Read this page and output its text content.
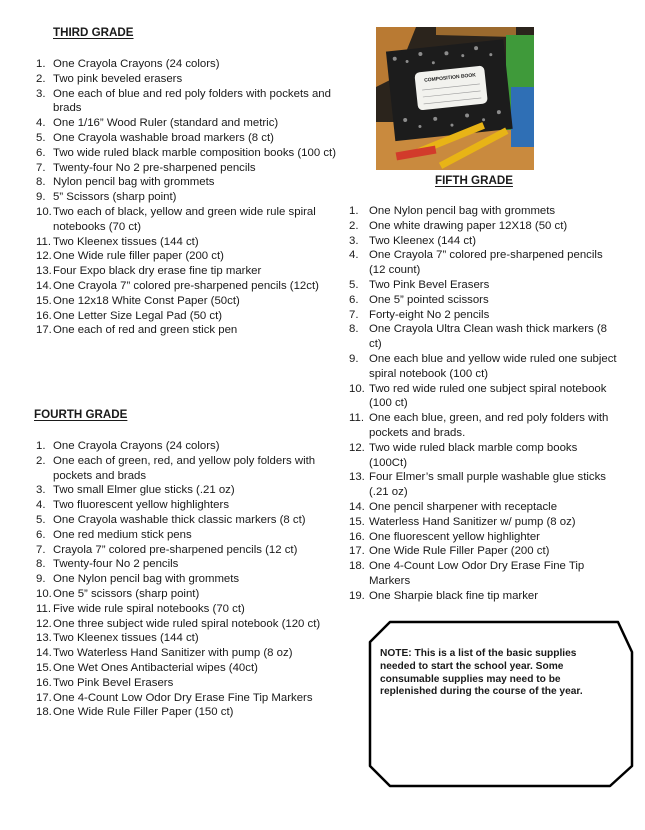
THIRD GRADE
1. One Crayola Crayons (24 colors)
2. Two pink beveled erasers
3. One each of blue and red poly folders with pockets and brads
4. One 1/16” Wood Ruler (standard and metric)
5. One Crayola washable broad markers (8 ct)
6. Two wide ruled black marble composition books (100 ct)
7. Twenty-four No 2 pre-sharpened pencils
8. Nylon pencil bag with grommets
9. 5” Scissors (sharp point)
10. Two each of black, yellow and green wide rule spiral notebooks (70 ct)
11. Two Kleenex tissues (144 ct)
12. One Wide rule filler paper (200 ct)
13. Four Expo black dry erase fine tip marker
14. One Crayola 7” colored pre-sharpened pencils (12ct)
15. One 12x18 White Const Paper (50ct)
16. One Letter Size Legal Pad (50 ct)
17. One each of red and green stick pen
FOURTH GRADE
1. One Crayola Crayons (24 colors)
2. One each of green, red, and yellow poly folders with pockets and brads
3. Two small Elmer glue sticks (.21 oz)
4. Two fluorescent yellow highlighters
5. One Crayola washable thick classic markers (8 ct)
6. One red medium stick pens
7. Crayola 7” colored pre-sharpened pencils (12 ct)
8. Twenty-four No 2 pencils
9. One Nylon pencil bag with grommets
10. One 5” scissors (sharp point)
11. Five wide rule spiral notebooks (70 ct)
12. One three subject wide ruled spiral notebook (120 ct)
13. Two Kleenex tissues (144 ct)
14. Two Waterless Hand Sanitizer with pump (8 oz)
15. One Wet Ones Antibacterial wipes (40ct)
16. Two Pink Bevel Erasers
17. One 4-Count Low Odor Dry Erase Fine Tip Markers
18. One Wide Rule Filler Paper (150 ct)
COMPOSITION BOOK
FIFTH GRADE
1. One Nylon pencil bag with grommets
2. One white drawing paper 12X18 (50 ct)
3. Two Kleenex (144 ct)
4. One Crayola 7” colored pre-sharpened pencils (12 count)
5. Two Pink Bevel Erasers
6. One 5” pointed scissors
7. Forty-eight No 2 pencils
8. One Crayola Ultra Clean wash thick markers (8 ct)
9. One each blue and yellow wide ruled one subject spiral notebook (100 ct)
10. Two red wide ruled one subject spiral notebook (100 ct)
11. One each blue, green, and red poly folders with pockets and brads.
12. Two wide ruled black marble comp books (100Ct)
13. Four Elmer’s small purple washable glue sticks (.21 oz)
14. One pencil sharpener with receptacle
15. Waterless Hand Sanitizer w/ pump (8 oz)
16. One fluorescent yellow highlighter
17. One Wide Rule Filler Paper (200 ct)
18. One 4-Count Low Odor Dry Erase Fine Tip Markers
19. One Sharpie black fine tip marker

NOTE: This is a list of the basic supplies needed to start the school year. Some consumable supplies may need to be replenished during the course of the year.
